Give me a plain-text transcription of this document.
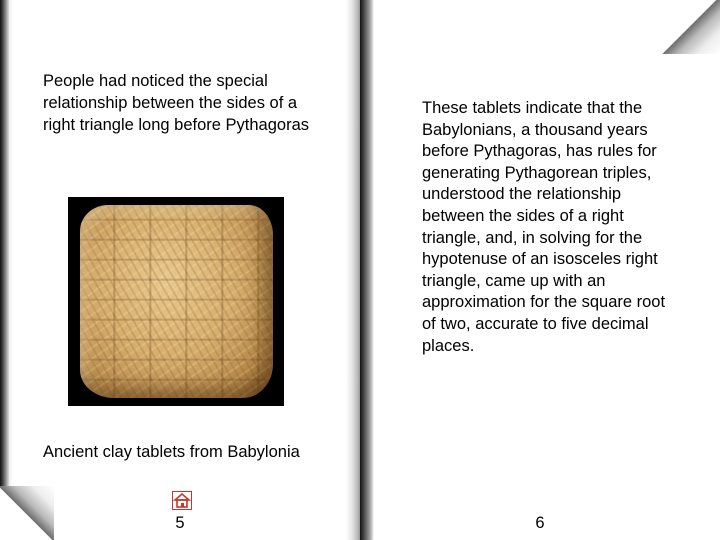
People had noticed the special relationship between the sides of a right triangle long before Pythagoras
Ancient clay tablets from Babylonia
5
These tablets indicate that the Babylonians, a thousand years before Pythagoras, has rules for generating Pythagorean triples, understood the relationship between the sides of a right triangle, and, in solving for the hypotenuse of an isosceles right triangle, came up with an approximation for the square root of two, accurate to five decimal places.
6
